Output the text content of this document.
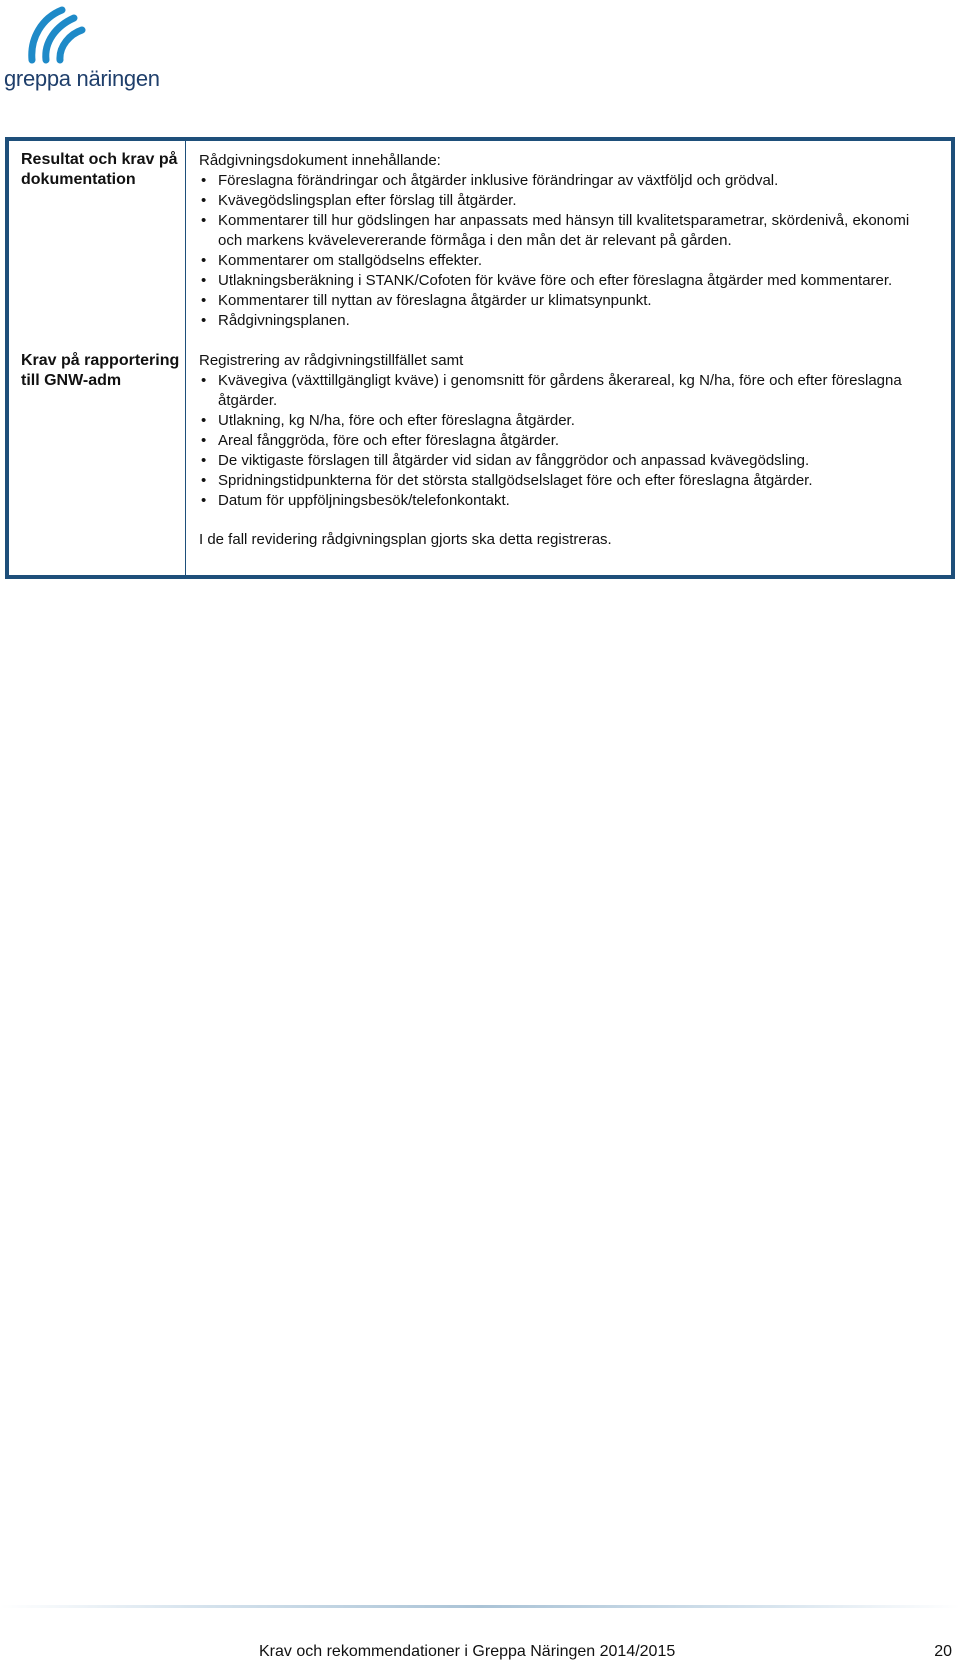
greppa näringen
Resultat och krav på dokumentation
Krav på rapportering till GNW-adm

Rådgivningsdokument innehållande:

• Föreslagna förändringar och åtgärder inklusive förändringar av växtföljd och grödval.
• Kvävegödslingsplan efter förslag till åtgärder.
• Kommentarer till hur gödslingen har anpassats med hänsyn till kvalitetsparametrar, skördenivå, ekonomi och markens kvävelevererande förmåga i den mån det är relevant på gården.
• Kommentarer om stallgödselns effekter.
• Utlakningsberäkning i STANK/Cofoten för kväve före och efter föreslagna åtgärder med kommentarer.
• Kommentarer till nyttan av föreslagna åtgärder ur klimatsynpunkt.
• Rådgivningsplanen.

Registrering av rådgivningstillfället samt

• Kvävegiva (växttillgängligt kväve) i genomsnitt för gårdens åkerareal, kg N/ha, före och efter föreslagna åtgärder.
• Utlakning, kg N/ha, före och efter föreslagna åtgärder.
• Areal fånggröda, före och efter föreslagna åtgärder.
• De viktigaste förslagen till åtgärder vid sidan av fånggrödor och anpassad kvävegödsling.
• Spridningstidpunkterna för det största stallgödselslaget före och efter föreslagna åtgärder.
• Datum för uppföljningsbesök/telefonkontakt.

I de fall revidering rådgivningsplan gjorts ska detta registreras.

Krav och rekommendationer i Greppa Näringen 2014/2015	20
